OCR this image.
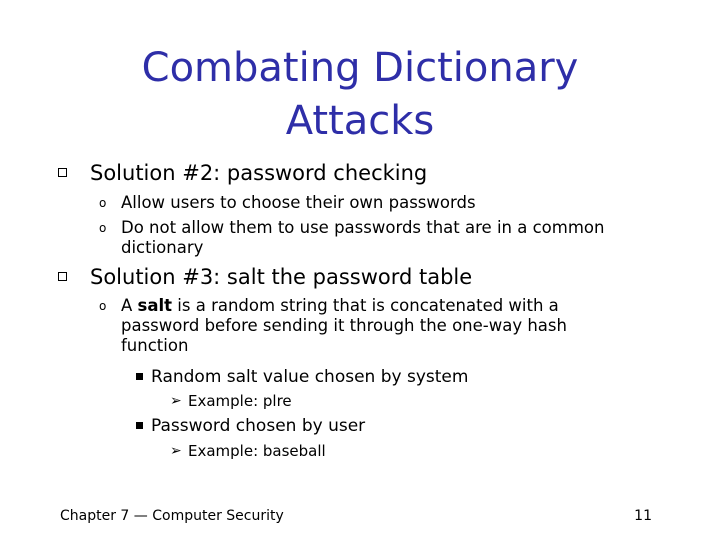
Combating Dictionary
Attacks
Solution #2: password checking
o Allow users to choose their own passwords
o Do not allow them to use passwords that are in a common dictionary
Solution #3: salt the password table
o A salt is a random string that is concatenated with a password before sending it through the one-way hash function
Random salt value chosen by system
➢ Example: plre
Password chosen by user
➢ Example: baseball
Chapter 7 — Computer Security	11
